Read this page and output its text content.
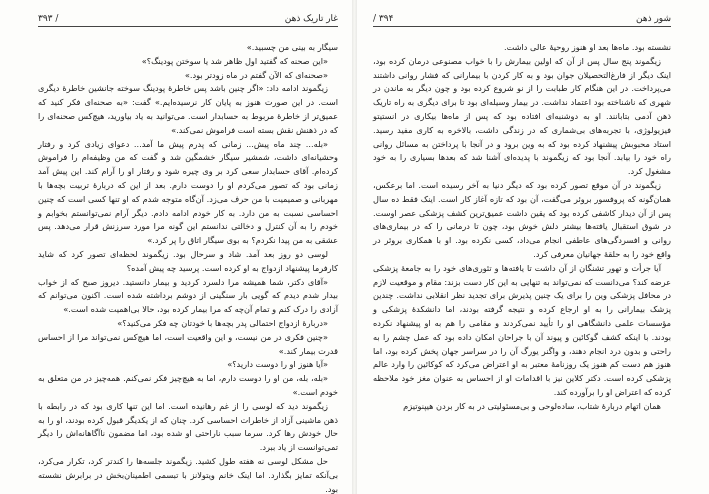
غار تاریک ذهن
/ ۳۹۳

سیگار به بینی من چسبید.»

«این صحنه که گفتید اول ظاهر شد یا سوختن پودینگ؟»

«صحنه‌ای که الآن گفتم در ماه زودتر بود.»

زیگموند ادامه داد: «اگر چنین باشد پس خاطرهٔ پودینگ سوخته جانشین خاطرهٔ دیگری است. در این صورت هنوز به پایان کار نرسیده‌ایم.» گفت: «به صحنه‌ای فکر کنید که عمیق‌تر از خاطرهٔ مربوط به حسابدار است. می‌توانید به یاد بیاورید، هیچ‌کس صحنه‌ای را که در ذهنش نقش بسته است فراموش نمی‌کند.»

«بله... چند ماه پیش... زمانی که پدرم پیش ما آمد... دعوای زیادی کرد و رفتار وحشیانه‌ای داشت، شمشیر سیگار خشمگین شد و گفت که من وظیفه‌ام را فراموش کرده‌ام. آقای حسابدار سعی کرد بر وی چیره شود و رفتار او را آرام کند. این پیش آمد زمانی بود که تصور می‌کردم او را دوست دارم. بعد از این که دربارهٔ تربیت بچه‌ها با مهربانی و صمیمیت با من حرف می‌زد. آن‌گاه متوجه شدم که او تنها کسی است که چنین احساسی نسبت به من دارد. به کار خودم ادامه دادم. دیگر آرام نمی‌توانستم بخوابم و خودم را به آن کنترل و دخالتی ندانستم این گونه مرا مورد سرزنش قرار می‌دهد. پس عشقی به من پیدا نکردم؟ به بوی سیگار اتاق را پر کرد.»

لوسی دو روز بعد آمد. شاد و سرحال بود. زیگموند لحظه‌ای تصور کرد که شاید کارفرما پیشنهاد ازدواج به او کرده است. پرسید چه پیش آمده؟

«آقای دکتر، شما همیشه مرا دلسرد کردید و بیمار دانستید. دیروز صبح که از خواب بیدار شدم دیدم که گویی بار سنگینی از دوشم برداشته شده است. اکنون می‌توانم که آزادی را درک کنم و تمام آن‌چه که مرا بیمار کرده بود، حالا بی‌اهمیت شده است.»

«دربارهٔ ازدواج احتمالی پدر بچه‌ها با خودتان چه فکر می‌کنید؟»

«چنین فکری در من نیست، و این واقعیت است، اما هیچ‌کس نمی‌تواند مرا از احساس قدرت بیمار کند.»

«آیا هنوز او را دوست دارید؟»

«بله، بله، من او را دوست دارم، اما به هیچ‌چیز فکر نمی‌کنم. همه‌چیز در من متعلق به خودم است.»

زیگموند دید که لوسی را از غم رهانیده است. اما این تنها کاری بود که در رابطه با ذهن ماشینی آزاد از خاطرات احساسی کرد. چنان که از یکدیگر قبول کرده بودند، او را به حال خودش رها کرد. سرما سبب ناراحتی او شده بود، اما مضمون ناآگاهانه‌اش را دیگر تمی‌توانست از یاد ببرد.

حل مشکل لوسی نه هفته طول کشید. زیگموند جلسه‌ها را کندتر کرد، تکرار می‌کرد، بی‌آنکه تمایز بگذارد. اما اینک خانم ویتولانز با تبسمی اطمینان‌بخش در برابرش نشسته بود.

شور ذهن
۳۹۴ /

نشسته بود. ماه‌ها بعد او هنوز روحیهٔ عالی داشت.

زیگموند پنج سال پس از آن که اولین بیمارش را با خواب مصنوعی درمان کرده بود، اینک دیگر از فارغ‌التحصیلان جوان بود و به کار کردن با بیمارانی که فشار روانی داشتند می‌پرداخت. در این هنگام کار طبابت را از نو شروع کرده بود و چون دیگر به ماندن در شهری که ناشناخته بود اعتماد نداشت. در بیمار وسیله‌ای بود تا برای دیگری به راه تاریک ذهن آدمی بتابانند. او به دوشنبه‌ای افتاده بود که پس از ماه‌ها بیکاری در انستیتو فیزیولوژی، با تجربه‌های بی‌شماری که در زندگی داشت، بالاخره به کاری مفید رسید. استاد محبوبش پیشنهاد کرده بود که به وین برود و در آنجا با پرداختن به مسائل روانی راه خود را بیابد. آنجا بود که زیگموند با پدیده‌ای آشنا شد که بعدها بسیاری را به خود مشغول کرد.

زیگموند در آن موقع تصور کرده بود که دیگر دنیا به آخر رسیده است. اما برعکس، همان‌گونه که پروفسور بروئر می‌گفت، آن بود که تازه آغاز کار است. اینک فقط ده سال پس از آن دیدار کاشفی کرده بود که یقین داشت عمیق‌ترین کشف پزشکی عصر اوست. در شوق استقبال یافته‌ها بیشتر دلش خوش بود، چون تا درمانی را که در بیماری‌های روانی و افسردگی‌های عاطفی انجام می‌داد، کسی نکرده بود. او با همکاری بروئر در واقع خود را به حلقهٔ جهانیان معرفی کرد.

آیا جرأت و تهور تشنگان از آن داشت تا یافته‌ها و تئوری‌های خود را به جامعهٔ پزشکی عرضه کند؟ می‌دانست که نمی‌تواند به تنهایی به این کار دست بزند: مقام و موقعیت لازم در محافل پزشکی وین را برای یک چنین پذیرش برای تجدید نظر انقلابی نداشت. چندین پزشک بیمارانی را به او ارجاع کرده و نتیجه گرفته بودند، اما دانشکدهٔ پزشکی و مؤسسات علمی دانشگاهی او را تأیید نمی‌کردند و مقامی را هم به او پیشنهاد نکرده بودند. با اینکه کشف گوکائین و پیوند آن با جراحان امکان داده بود که عمل چشم را به راحتی و بدون درد انجام دهند، و واگنر یورگ آن را در سراسر جهان پخش کرده بود، اما هنوز هم دست کم هنوز یک روزنامهٔ معتبر به او اعتراض می‌کرد که کوکائین را وارد عالم پزشکی کرده است. دکتر کلاین نیز با اقدامات او از احساس به عنوان مغز خود ملاحظه کرده که اعتراض او را برآورده کند.

همان اتهام دربارهٔ شتاب، ساده‌لوحی و بی‌مسئولیتی در به کار بردن هیپنوتیزم
